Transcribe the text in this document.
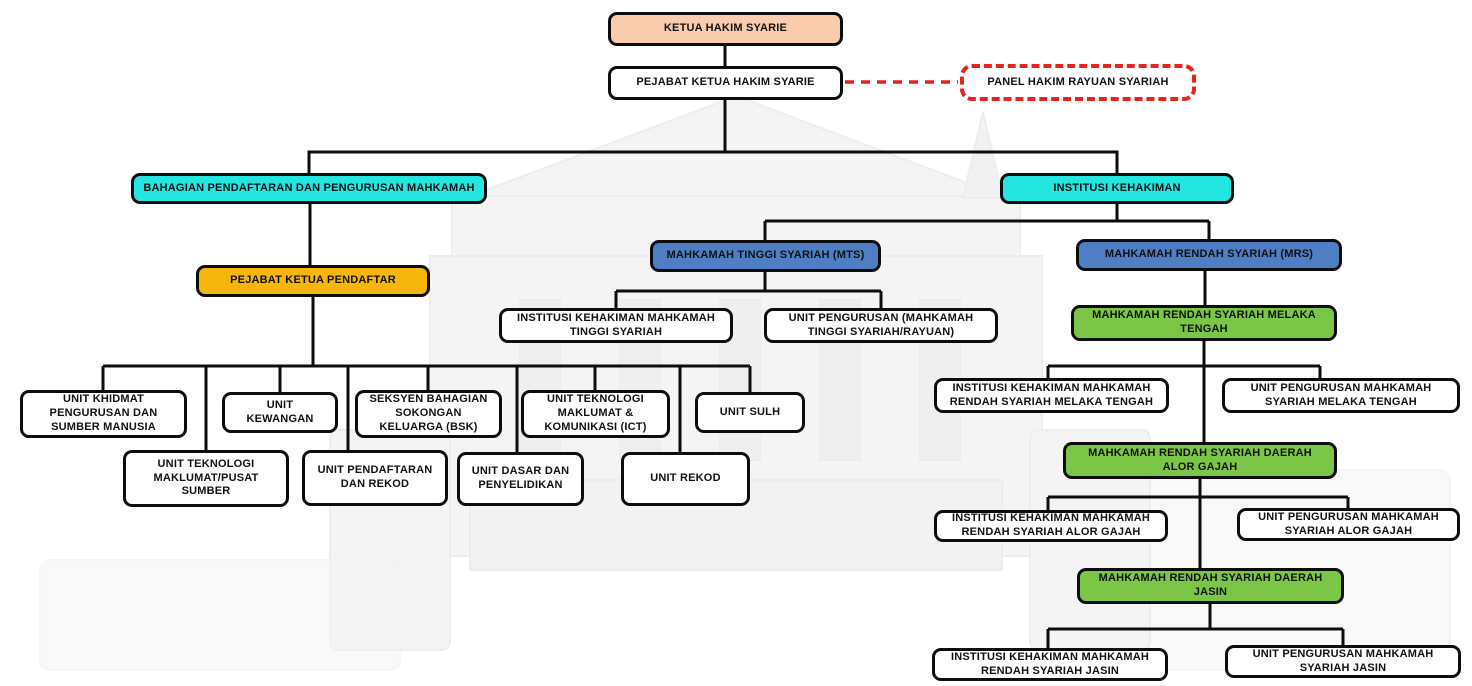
KETUA HAKIM SYARIE
PEJABAT KETUA HAKIM SYARIE	PANEL HAKIM RAYUAN SYARIAH
BAHAGIAN PENDAFTARAN DAN PENGURUSAN MAHKAMAH	INSTITUSI KEHAKIMAN
PEJABAT KETUA PENDAFTAR
UNIT KHIDMAT PENGURUSAN DAN SUMBER MANUSIA
UNIT KEWANGAN
SEKSYEN BAHAGIAN SOKONGAN KELUARGA (BSK)
UNIT TEKNOLOGI MAKLUMAT & KOMUNIKASI (ICT)
UNIT SULH
UNIT TEKNOLOGI MAKLUMAT/PUSAT SUMBER
UNIT PENDAFTARAN DAN REKOD
UNIT DASAR DAN PENYELIDIKAN
UNIT REKOD
MAHKAMAH TINGGI SYARIAH (MTS)	MAHKAMAH RENDAH SYARIAH (MRS)
INSTITUSI KEHAKIMAN MAHKAMAH TINGGI SYARIAH
UNIT PENGURUSAN (MAHKAMAH TINGGI SYARIAH/RAYUAN)
MAHKAMAH RENDAH SYARIAH MELAKA TENGAH
INSTITUSI KEHAKIMAN MAHKAMAH RENDAH SYARIAH MELAKA TENGAH
UNIT PENGURUSAN MAHKAMAH SYARIAH MELAKA TENGAH
MAHKAMAH RENDAH SYARIAH DAERAH ALOR GAJAH
INSTITUSI KEHAKIMAN MAHKAMAH RENDAH SYARIAH ALOR GAJAH
UNIT PENGURUSAN MAHKAMAH SYARIAH ALOR GAJAH
MAHKAMAH RENDAH SYARIAH DAERAH JASIN
INSTITUSI KEHAKIMAN MAHKAMAH RENDAH SYARIAH JASIN
UNIT PENGURUSAN MAHKAMAH SYARIAH JASIN
